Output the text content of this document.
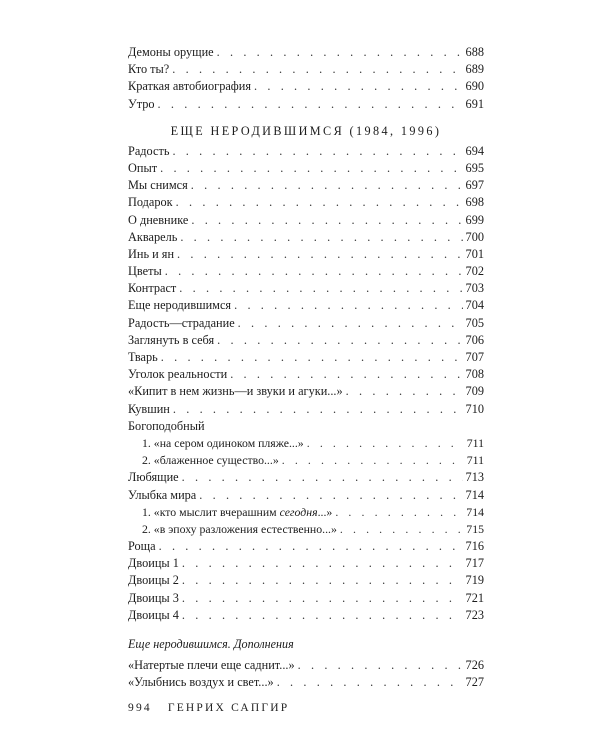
Демоны орущие . . .	688
Кто ты? . . .	689
Краткая автобиография . . .	690
Утро . . .	691
ЕЩЕ НЕРОДИВШИМСЯ (1984, 1996)
Радость . . .	694
Опыт . . .	695
Мы снимся . . .	697
Подарок . . .	698
О дневнике . . .	699
Акварель . . .	700
Инь и ян . . .	701
Цветы . . .	702
Контраст . . .	703
Еще неродившимся . . .	704
Радость—страдание . . .	705
Заглянуть в себя . . .	706
Тварь . . .	707
Уголок реальности . . .	708
«Кипит в нем жизнь—и звуки и агуки...» . . .	709
Кувшин . . .	710
Богоподобный
1. «на сером одиноком пляже...» . . .	711
2. «блаженное существо...» . . .	711
Любящие . . .	713
Улыбка мира . . .	714
1. «кто мыслит вчерашним сегодня...» . . .	714
2. «в эпоху разложения естественно...» . . .	715
Роща . . .	716
Двоицы 1 . . .	717
Двоицы 2 . . .	719
Двоицы 3 . . .	721
Двоицы 4 . . .	723
Еще неродившимся. Дополнения
«Натертые плечи еще саднит...» . . .	726
«Улыбнись воздух и свет...» . . .	727
994 ГЕНРИХ САПГИР
